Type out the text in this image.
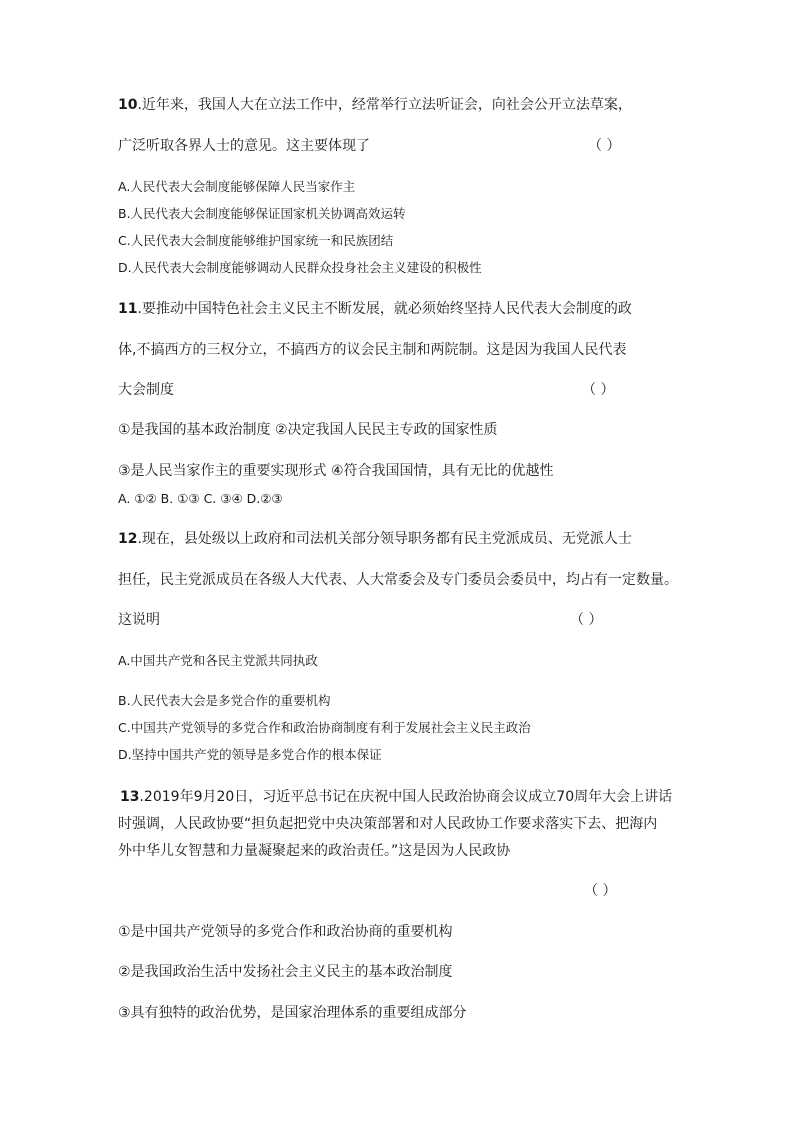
10.近年来，我国人大在立法工作中，经常举行立法听证会，向社会公开立法草案，
广泛听取各界人士的意见。这主要体现了	（ ）
A.人民代表大会制度能够保障人民当家作主
B.人民代表大会制度能够保证国家机关协调高效运转
C.人民代表大会制度能够维护国家统一和民族团结
D.人民代表大会制度能够调动人民群众投身社会主义建设的积极性
11.要推动中国特色社会主义民主不断发展，就必须始终坚持人民代表大会制度的政
体,不搞西方的三权分立，不搞西方的议会民主制和两院制。这是因为我国人民代表
大会制度	（ ）
①是我国的基本政治制度 ②决定我国人民民主专政的国家性质
③是人民当家作主的重要实现形式 ④符合我国国情，具有无比的优越性
A. ①② B. ①③ C. ③④ D.②③
12.现在，县处级以上政府和司法机关部分领导职务都有民主党派成员、无党派人士
担任，民主党派成员在各级人大代表、人大常委会及专门委员会委员中，均占有一定数量。
这说明	（ ）
A.中国共产党和各民主党派共同执政
B.人民代表大会是多党合作的重要机构
C.中国共产党领导的多党合作和政治协商制度有利于发展社会主义民主政治
D.坚持中国共产党的领导是多党合作的根本保证
13.2019年9月20日，习近平总书记在庆祝中国人民政治协商会议成立70周年大会上讲话
时强调，人民政协要“担负起把党中央决策部署和对人民政协工作要求落实下去、把海内
外中华儿女智慧和力量凝聚起来的政治责任。”这是因为人民政协
（ ）
①是中国共产党领导的多党合作和政治协商的重要机构
②是我国政治生活中发扬社会主义民主的基本政治制度
③具有独特的政治优势，是国家治理体系的重要组成部分
